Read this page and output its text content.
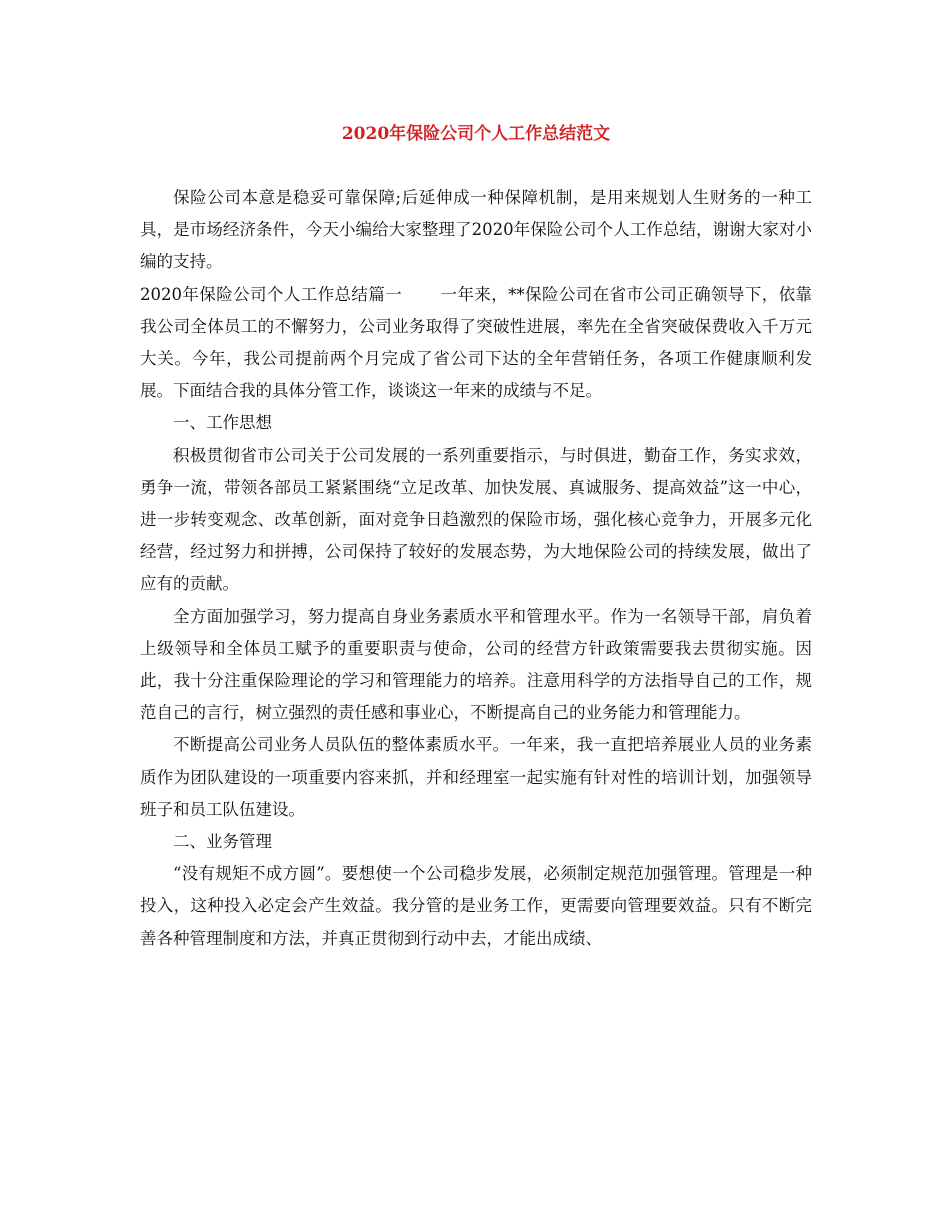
2020年保险公司个人工作总结范文

保险公司本意是稳妥可靠保障;后延伸成一种保障机制，是用来规划人生财务的一种工具，是市场经济条件，今天小编给大家整理了2020年保险公司个人工作总结，谢谢大家对小编的支持。

2020年保险公司个人工作总结篇一 一年来，**保险公司在省市公司正确领导下，依靠我公司全体员工的不懈努力，公司业务取得了突破性进展，率先在全省突破保费收入千万元大关。今年，我公司提前两个月完成了省公司下达的全年营销任务，各项工作健康顺利发展。下面结合我的具体分管工作，谈谈这一年来的成绩与不足。

一、工作思想

积极贯彻省市公司关于公司发展的一系列重要指示，与时俱进，勤奋工作，务实求效，勇争一流，带领各部员工紧紧围绕“立足改革、加快发展、真诚服务、提高效益”这一中心，进一步转变观念、改革创新，面对竞争日趋激烈的保险市场，强化核心竞争力，开展多元化经营，经过努力和拼搏，公司保持了较好的发展态势，为大地保险公司的持续发展，做出了应有的贡献。

全方面加强学习，努力提高自身业务素质水平和管理水平。作为一名领导干部，肩负着上级领导和全体员工赋予的重要职责与使命，公司的经营方针政策需要我去贯彻实施。因此，我十分注重保险理论的学习和管理能力的培养。注意用科学的方法指导自己的工作，规范自己的言行，树立强烈的责任感和事业心，不断提高自己的业务能力和管理能力。

不断提高公司业务人员队伍的整体素质水平。一年来，我一直把培养展业人员的业务素质作为团队建设的一项重要内容来抓，并和经理室一起实施有针对性的培训计划，加强领导班子和员工队伍建设。

二、业务管理

“没有规矩不成方圆”。要想使一个公司稳步发展，必须制定规范加强管理。管理是一种投入，这种投入必定会产生效益。我分管的是业务工作，更需要向管理要效益。只有不断完善各种管理制度和方法，并真正贯彻到行动中去，才能出成绩、
